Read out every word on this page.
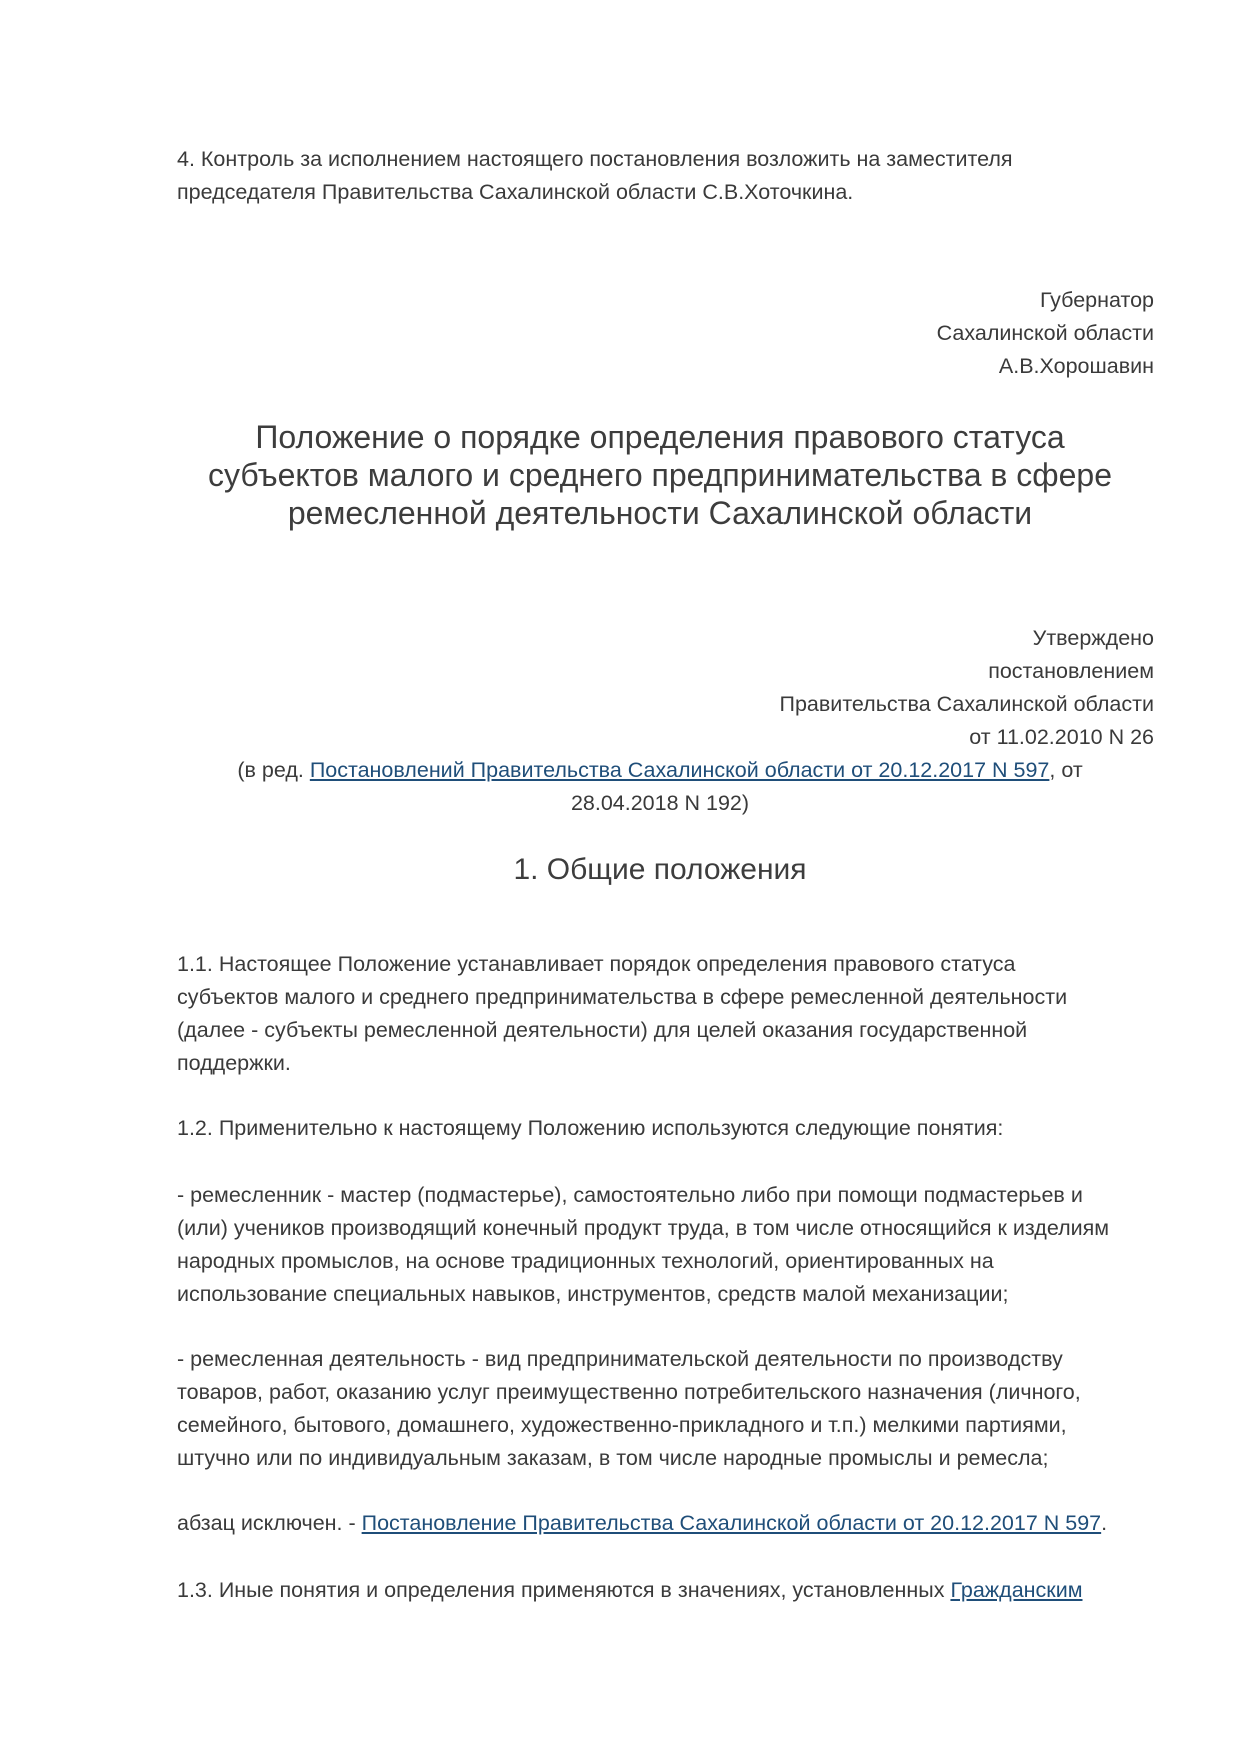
4. Контроль за исполнением настоящего постановления возложить на заместителя
председателя Правительства Сахалинской области С.В.Хоточкина.

Губернатор
Сахалинской области
А.В.Хорошавин
Положение о порядке определения правового статуса
субъектов малого и среднего предпринимательства в сфере
ремесленной деятельности Сахалинской области
Утверждено
постановлением
Правительства Сахалинской области
от 11.02.2010 N 26
(в ред. Постановлений Правительства Сахалинской области от 20.12.2017 N 597, от
28.04.2018 N 192)
1. Общие положения

1.1. Настоящее Положение устанавливает порядок определения правового статуса
субъектов малого и среднего предпринимательства в сфере ремесленной деятельности
(далее - субъекты ремесленной деятельности) для целей оказания государственной
поддержки.

1.2. Применительно к настоящему Положению используются следующие понятия:

- ремесленник - мастер (подмастерье), самостоятельно либо при помощи подмастерьев и
(или) учеников производящий конечный продукт труда, в том числе относящийся к изделиям
народных промыслов, на основе традиционных технологий, ориентированных на
использование специальных навыков, инструментов, средств малой механизации;

- ремесленная деятельность - вид предпринимательской деятельности по производству
товаров, работ, оказанию услуг преимущественно потребительского назначения (личного,
семейного, бытового, домашнего, художественно-прикладного и т.п.) мелкими партиями,
штучно или по индивидуальным заказам, в том числе народные промыслы и ремесла;

абзац исключен. - Постановление Правительства Сахалинской области от 20.12.2017 N 597.

1.3. Иные понятия и определения применяются в значениях, установленных Гражданским
